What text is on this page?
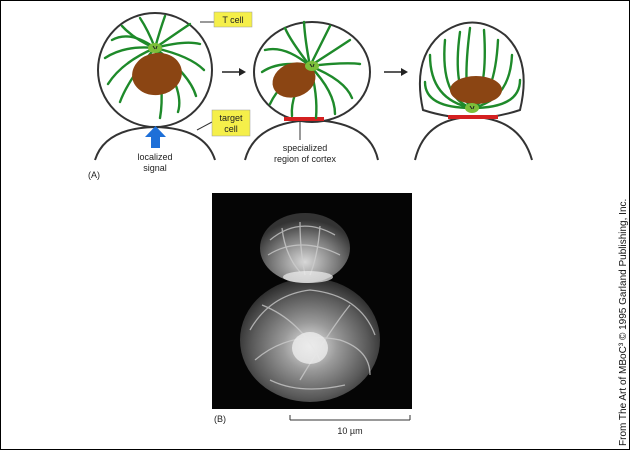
T cell
target
cell
localized
signal
specialized
region of cortex
(A)
(B)
10 µm	From The Art of MBoC³ © 1995 Garland Publishing, Inc.
